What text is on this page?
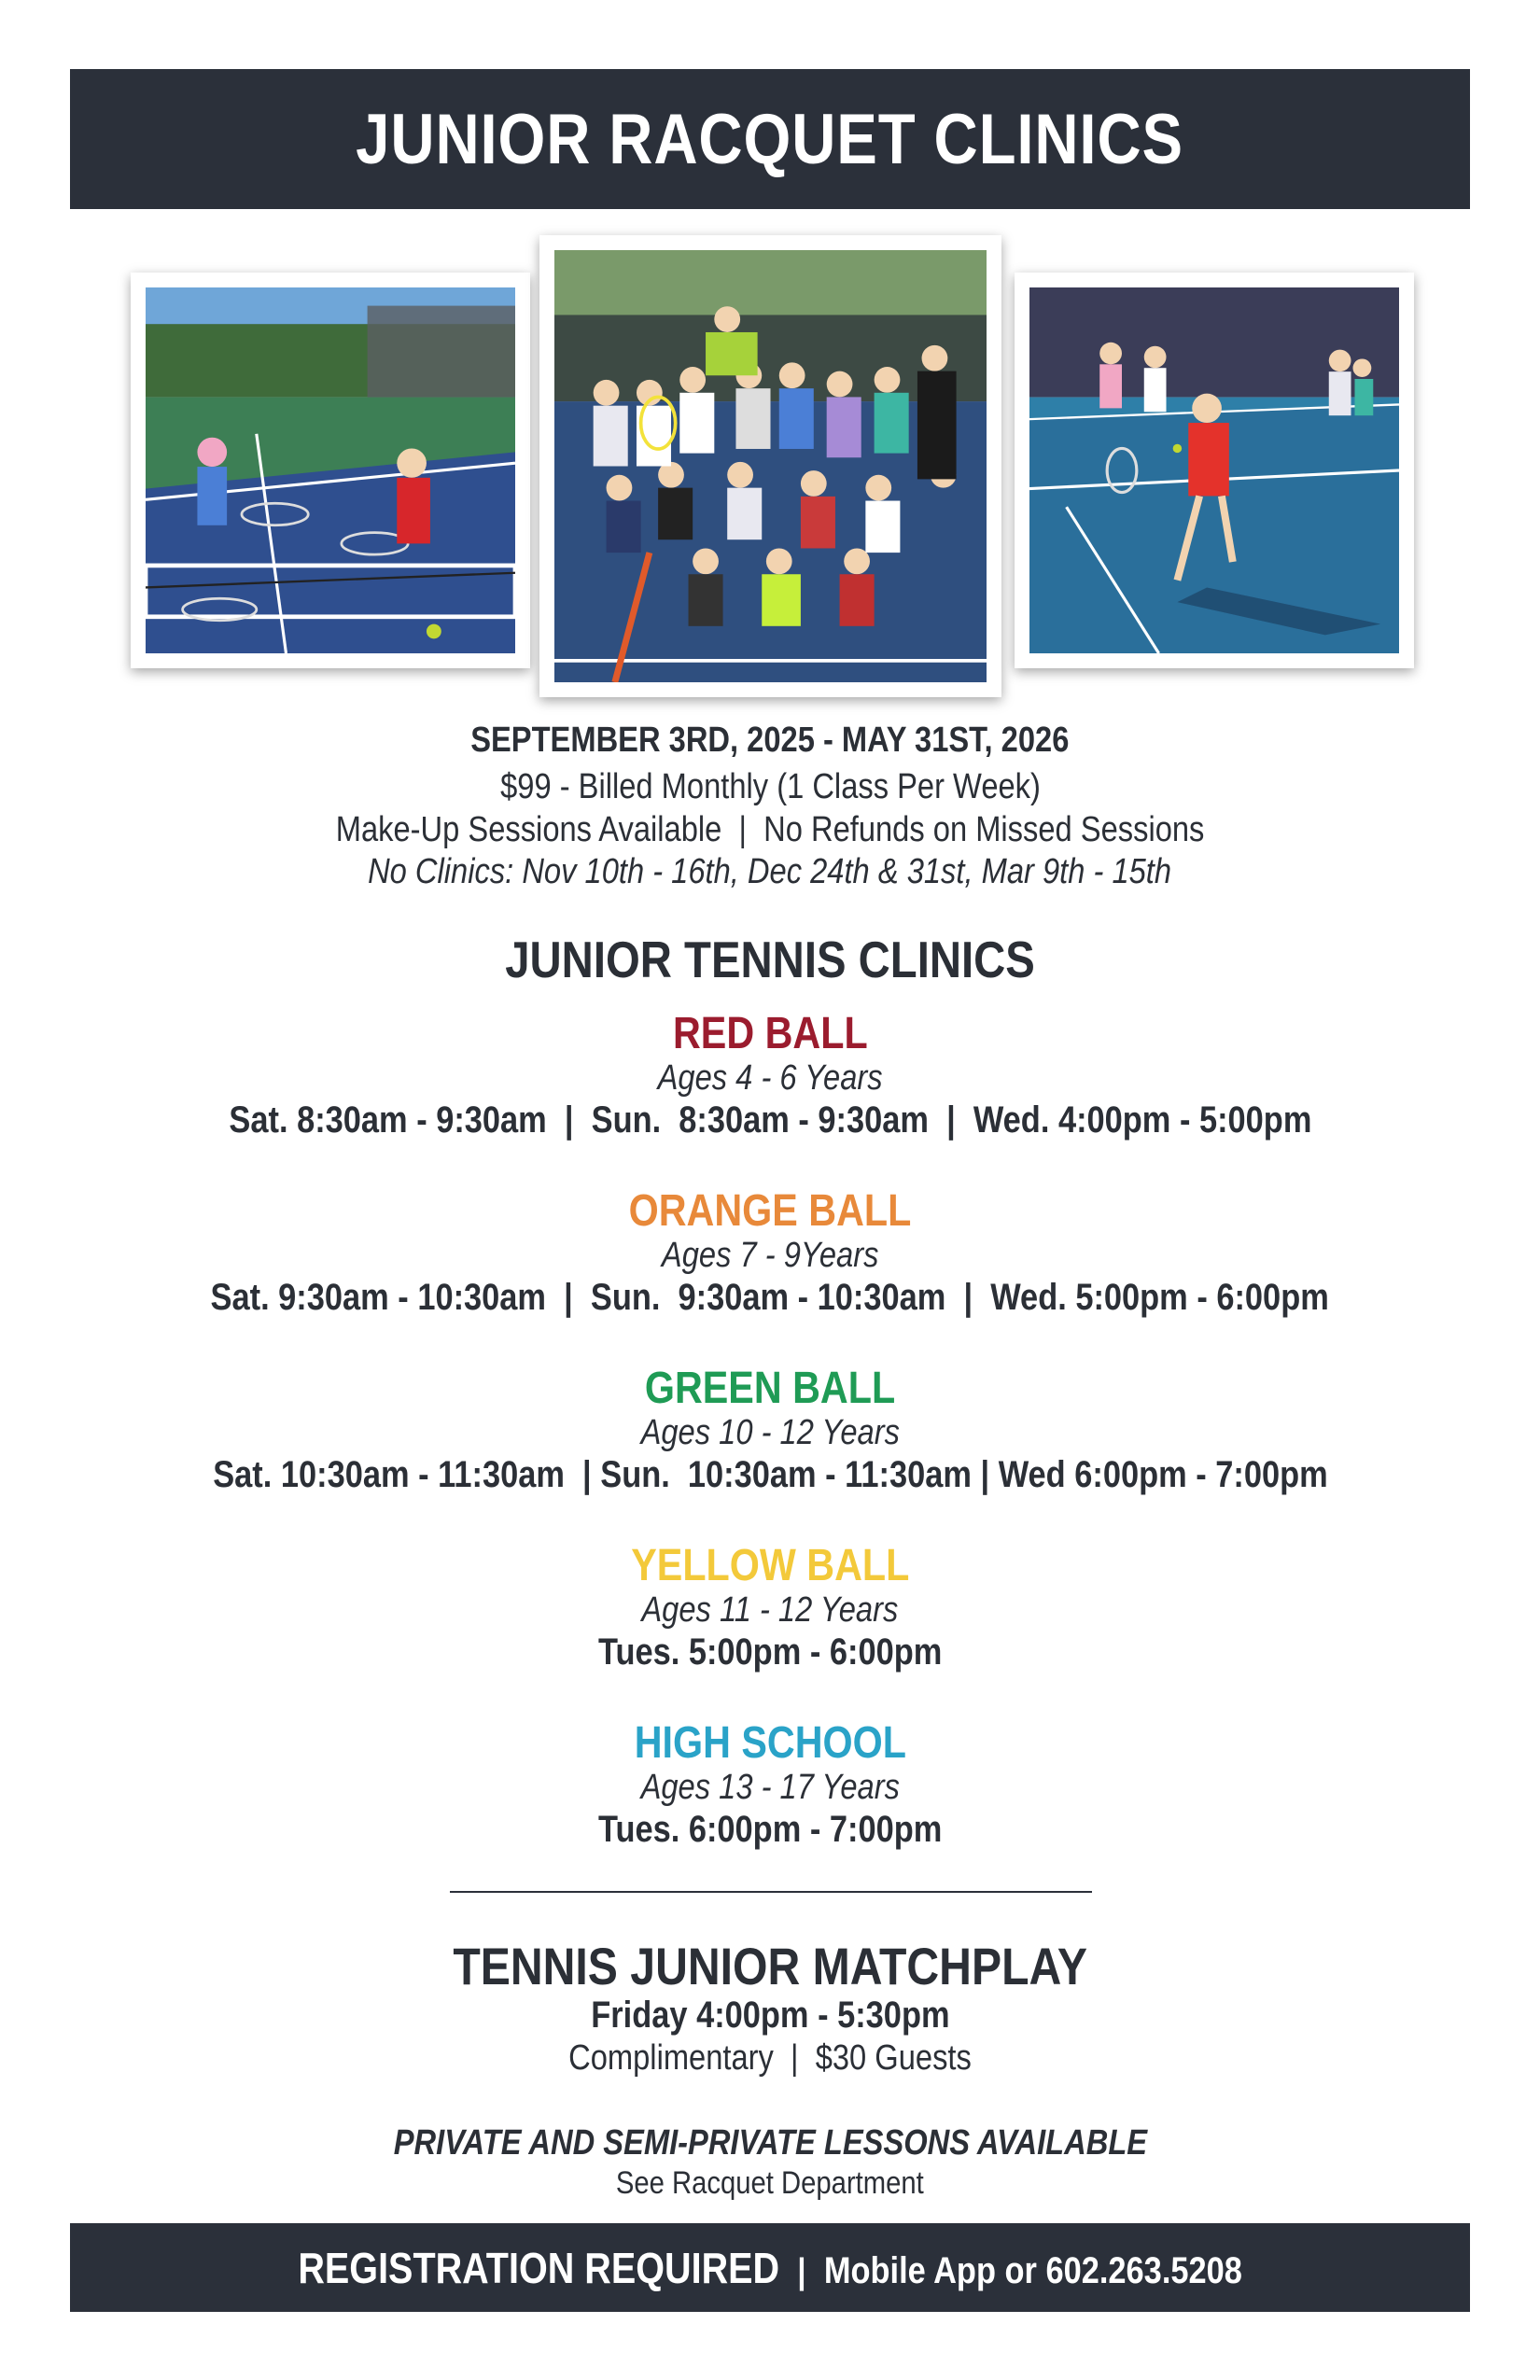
JUNIOR RACQUET CLINICS
SEPTEMBER 3RD, 2025 - MAY 31ST, 2026
$99 - Billed Monthly (1 Class Per Week)
Make-Up Sessions Available  |  No Refunds on Missed Sessions
No Clinics: Nov 10th - 16th, Dec 24th & 31st, Mar 9th - 15th
JUNIOR TENNIS CLINICS
RED BALL
Ages 4 - 6 Years
Sat. 8:30am - 9:30am  |  Sun.  8:30am - 9:30am  |  Wed. 4:00pm - 5:00pm
ORANGE BALL
Ages 7 - 9Years
Sat. 9:30am - 10:30am  |  Sun.  9:30am - 10:30am  |  Wed. 5:00pm - 6:00pm
GREEN BALL
Ages 10 - 12 Years
Sat. 10:30am - 11:30am  | Sun.  10:30am - 11:30am | Wed 6:00pm - 7:00pm
YELLOW BALL
Ages 11 - 12 Years
Tues. 5:00pm - 6:00pm
HIGH SCHOOL
Ages 13 - 17 Years
Tues. 6:00pm - 7:00pm
TENNIS JUNIOR MATCHPLAY
Friday 4:00pm - 5:30pm
Complimentary  |  $30 Guests
PRIVATE AND SEMI-PRIVATE LESSONS AVAILABLE
See Racquet Department
REGISTRATION REQUIRED | Mobile App or 602.263.5208
